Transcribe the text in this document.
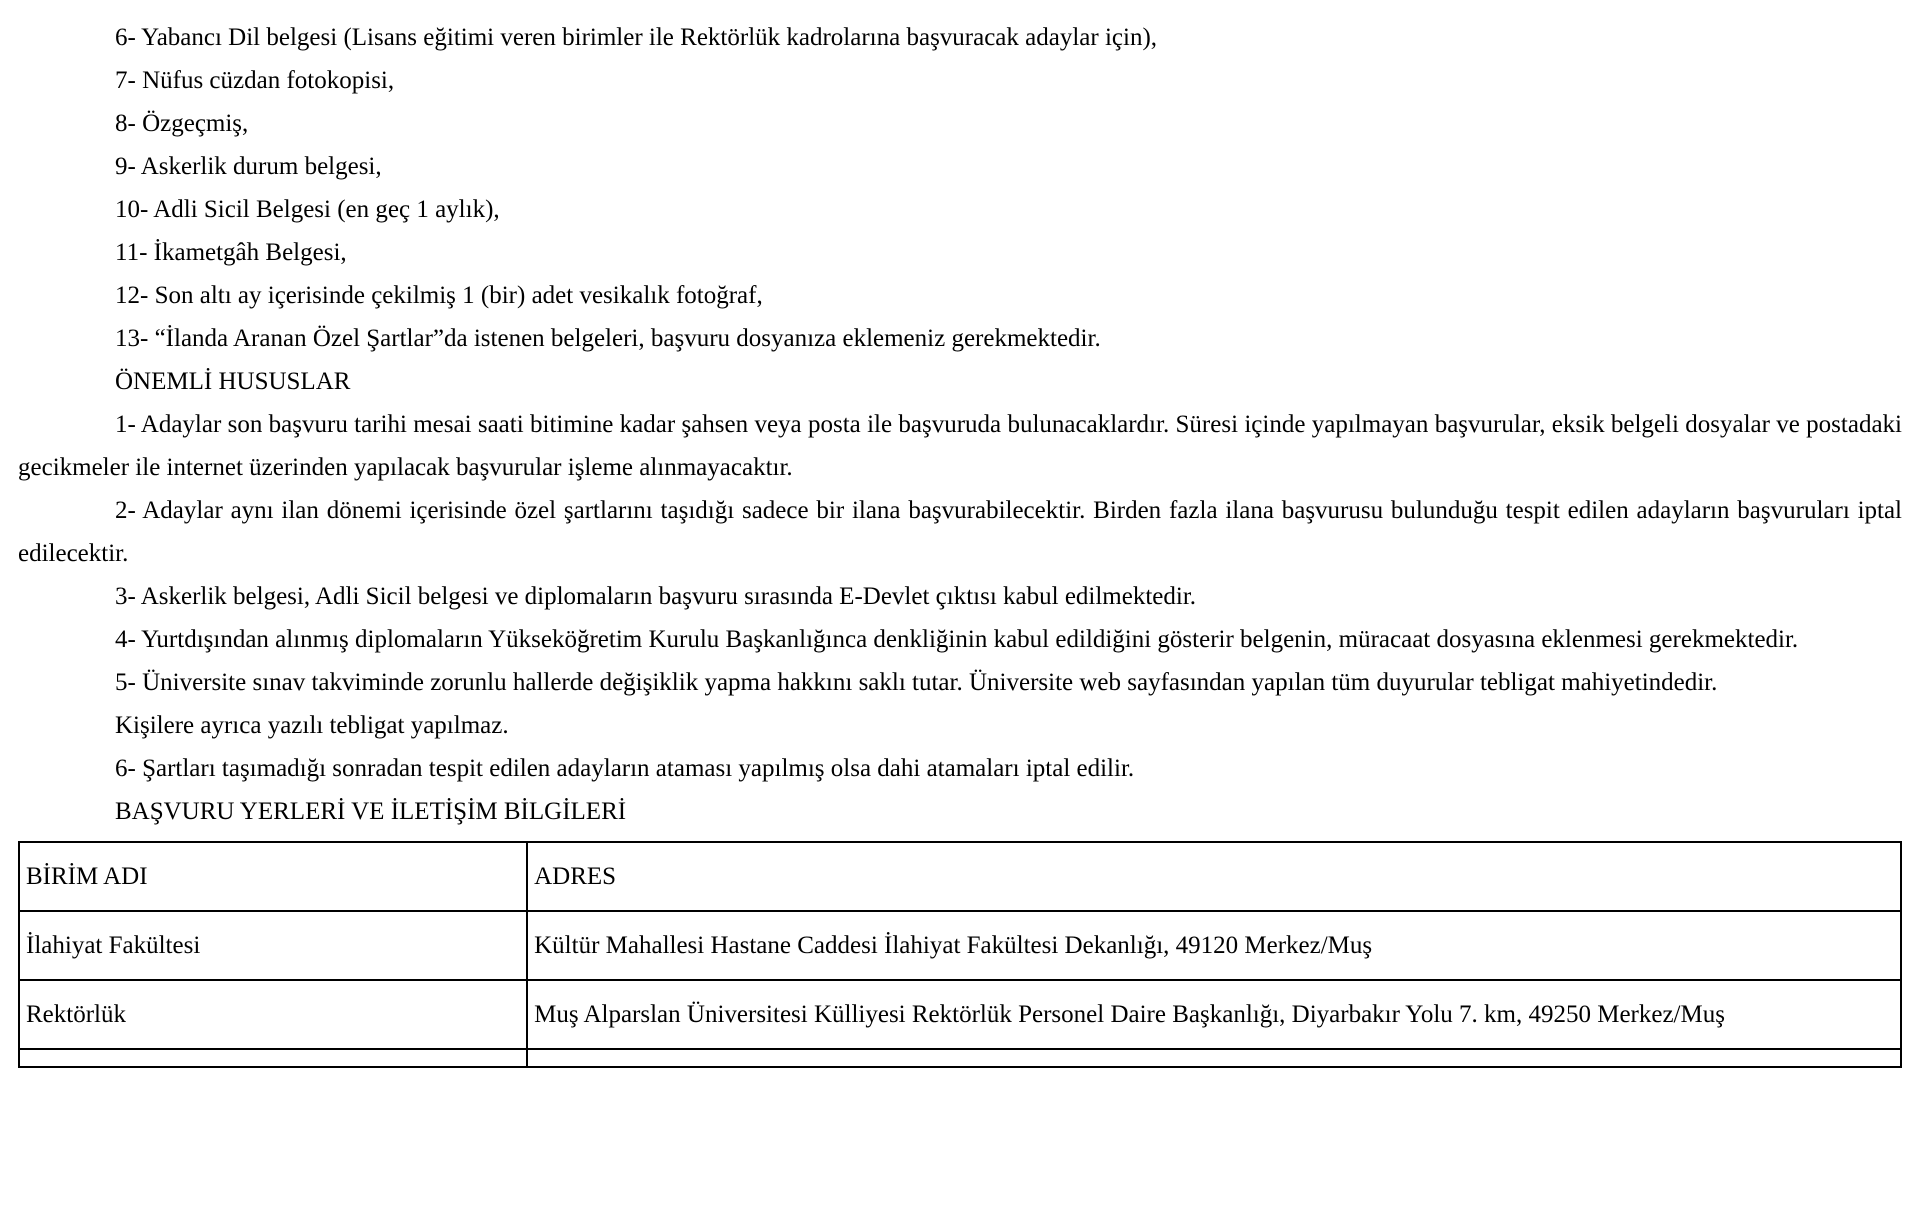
6- Yabancı Dil belgesi (Lisans eğitimi veren birimler ile Rektörlük kadrolarına başvuracak adaylar için),

7- Nüfus cüzdan fotokopisi,

8- Özgeçmiş,

9- Askerlik durum belgesi,

10- Adli Sicil Belgesi (en geç 1 aylık),

11- İkametgâh Belgesi,

12- Son altı ay içerisinde çekilmiş 1 (bir) adet vesikalık fotoğraf,

13- “İlanda Aranan Özel Şartlar”da istenen belgeleri, başvuru dosyanıza eklemeniz gerekmektedir.

ÖNEMLİ HUSUSLAR

1- Adaylar son başvuru tarihi mesai saati bitimine kadar şahsen veya posta ile başvuruda bulunacaklardır. Süresi içinde yapılmayan başvurular, eksik belgeli dosyalar ve postadaki gecikmeler ile internet üzerinden yapılacak başvurular işleme alınmayacaktır.

2- Adaylar aynı ilan dönemi içerisinde özel şartlarını taşıdığı sadece bir ilana başvurabilecektir. Birden fazla ilana başvurusu bulunduğu tespit edilen adayların başvuruları iptal edilecektir.

3- Askerlik belgesi, Adli Sicil belgesi ve diplomaların başvuru sırasında E-Devlet çıktısı kabul edilmektedir.

4- Yurtdışından alınmış diplomaların Yükseköğretim Kurulu Başkanlığınca denkliğinin kabul edildiğini gösterir belgenin, müracaat dosyasına eklenmesi gerekmektedir.

5- Üniversite sınav takviminde zorunlu hallerde değişiklik yapma hakkını saklı tutar. Üniversite web sayfasından yapılan tüm duyurular tebligat mahiyetindedir.

Kişilere ayrıca yazılı tebligat yapılmaz.

6- Şartları taşımadığı sonradan tespit edilen adayların ataması yapılmış olsa dahi atamaları iptal edilir.

BAŞVURU YERLERİ VE İLETİŞİM BİLGİLERİ

BİRİM ADI	ADRES
İlahiyat Fakültesi	Kültür Mahallesi Hastane Caddesi İlahiyat Fakültesi Dekanlığı, 49120 Merkez/Muş
Rektörlük	Muş Alparslan Üniversitesi Külliyesi Rektörlük Personel Daire Başkanlığı, Diyarbakır Yolu 7. km, 49250 Merkez/Muş
